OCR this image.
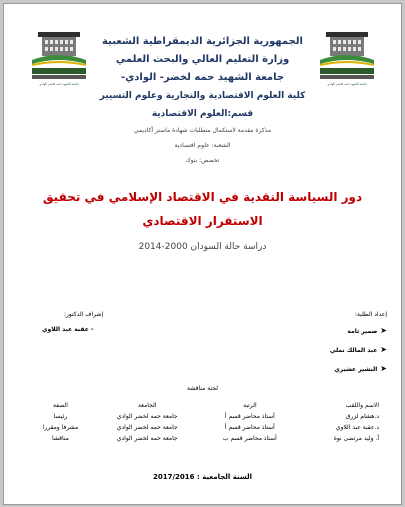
جامعة الشهيد حمه لخضر الوادي	جامعة الشهيد حمه لخضر الوادي
الجمهورية الجزائرية الديمقراطية الشعبية
وزارة التعليم العالي والبحث العلمي
جامعة الشهيد حمه لخضر- الوادي-
كلية العلوم الاقتصادية والتجارية وعلوم التسيير
قسم:العلوم الاقتصادية
مذكرة مقدمة لاستكمال متطلبات شهادة ماستر أكاديمي
الشعبة: علوم اقتصادية
تخصص: بنوك
دور السياسة النقدية في الاقتصاد الإسلامي في تحقيق
الاستقرار الاقتصادي
دراسة حالة السودان 2000-2014
إعداد الطلبة:
➤صمير ثامة
➤عبد المالك نملي
➤البشير عشيري
إشراف الدكتور:
- عقبة عبد اللاوي
لجنة مناقشة
الاسم واللقب	الرتبة	الجامعة	الصفة
د.هشام لزرق	أستاذ محاضر قسم أ	جامعة حمه لخضر الوادي	رئيسا
د.عقبة عبد اللاوي	أستاذ محاضر قسم أ	جامعة حمه لخضر الوادي	مشرفا ومقررا
أ. وليد مرتضى نوة	أستاذ محاضر قسم ب	جامعة حمه لخضر الوادي	مناقشا
السنة الجامعية : 2017/2016
